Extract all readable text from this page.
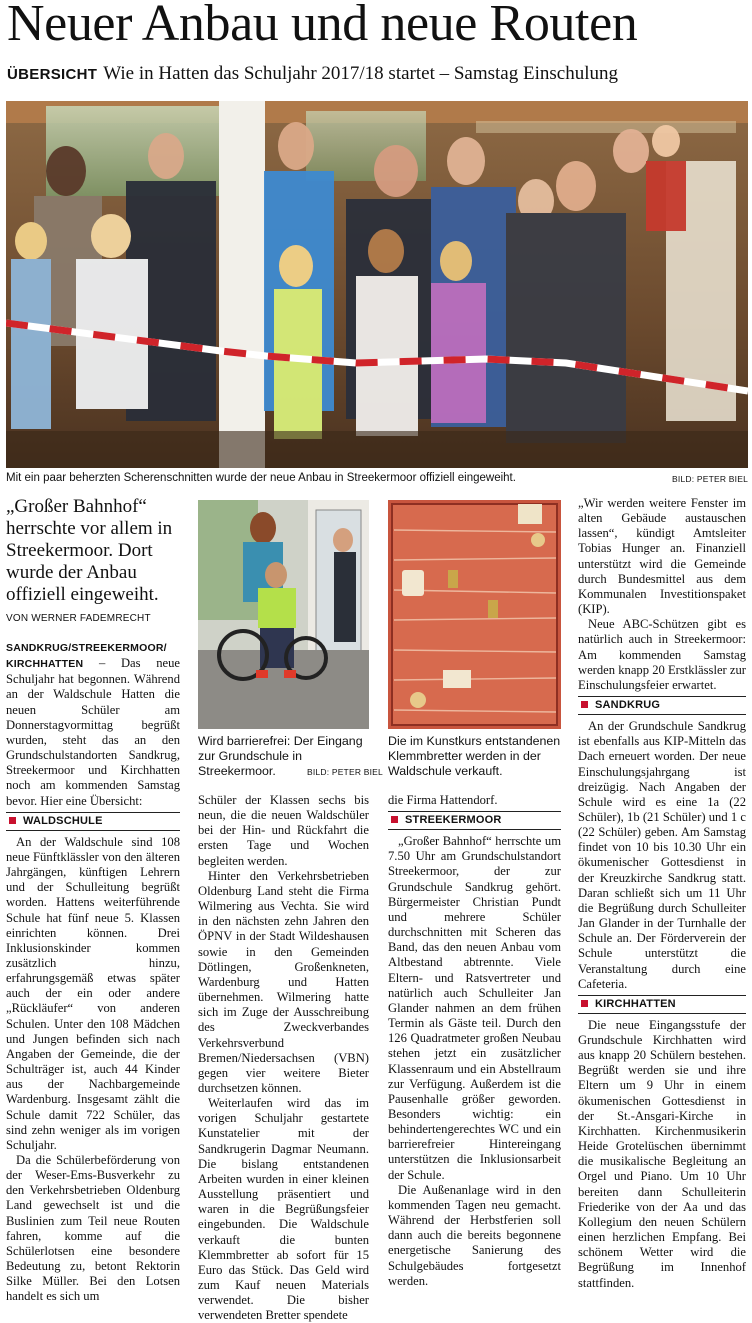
Neuer Anbau und neue Routen
ÜBERSICHT Wie in Hatten das Schuljahr 2017/18 startet – Samstag Einschulung
Mit ein paar beherzten Scherenschnitten wurde der neue Anbau in Streekermoor offiziell eingeweiht.	BILD: PETER BIEL
„Großer Bahnhof“ herrschte vor allem in Streekermoor. Dort wurde der Anbau offiziell eingeweiht.
VON WERNER FADEMRECHT

SANDKRUG/STREEKERMOOR/ KIRCHHATTEN – Das neue Schuljahr hat begonnen. Während an der Waldschule Hatten die neuen Schüler am Donnerstagvormittag begrüßt wurden, steht das an den Grundschulstandorten Sandkrug, Streekermoor und Kirchhatten noch am kommenden Samstag bevor. Hier eine Übersicht:

WALDSCHULE

An der Waldschule sind 108 neue Fünftklässler von den älteren Jahrgängen, künftigen Lehrern und der Schulleitung begrüßt worden. Hattens weiterführende Schule hat fünf neue 5. Klassen einrichten können. Drei Inklusionskinder kommen zusätzlich hinzu, erfahrungsgemäß etwas später auch der ein oder andere „Rückläufer“ von anderen Schulen. Unter den 108 Mädchen und Jungen befinden sich nach Angaben der Gemeinde, die der Schulträger ist, auch 44 Kinder aus der Nachbargemeinde Wardenburg. Insgesamt zählt die Schule damit 722 Schüler, das sind zehn weniger als im vorigen Schuljahr.

Da die Schülerbeförderung von der Weser-Ems-Busverkehr zu den Verkehrsbetrieben Oldenburg Land gewechselt ist und die Buslinien zum Teil neue Routen fahren, komme auf die Schülerlotsen eine besondere Bedeutung zu, betont Rektorin Silke Müller. Bei den Lotsen handelt es sich um

Wird barrierefrei: Der Eingang zur Grundschule in Streekermoor.	BILD: PETER BIEL

Schüler der Klassen sechs bis neun, die die neuen Waldschüler bei der Hin- und Rückfahrt die ersten Tage und Wochen begleiten werden.

Hinter den Verkehrsbetrieben Oldenburg Land steht die Firma Wilmering aus Vechta. Sie wird in den nächsten zehn Jahren den ÖPNV in der Stadt Wildeshausen sowie in den Gemeinden Dötlingen, Großenkneten, Wardenburg und Hatten übernehmen. Wilmering hatte sich im Zuge der Ausschreibung des Zweckverbandes Verkehrsverbund Bremen/Niedersachsen (VBN) gegen vier weitere Bieter durchsetzen können.

Weiterlaufen wird das im vorigen Schuljahr gestartete Kunstatelier mit der Sandkrugerin Dagmar Neumann. Die bislang entstandenen Arbeiten wurden in einer kleinen Ausstellung präsentiert und waren in die Begrüßungsfeier eingebunden. Die Waldschule verkauft die bunten Klemmbretter ab sofort für 15 Euro das Stück. Das Geld wird zum Kauf neuen Materials verwendet. Die bisher verwendeten Bretter spendete

Die im Kunstkurs entstandenen Klemmbretter werden in der Waldschule verkauft.

die Firma Hattendorf.

STREEKERMOOR

„Großer Bahnhof“ herrschte um 7.50 Uhr am Grundschulstandort Streekermoor, der zur Grundschule Sandkrug gehört. Bürgermeister Christian Pundt und mehrere Schüler durchschnitten mit Scheren das Band, das den neuen Anbau vom Altbestand abtrennte. Viele Eltern- und Ratsvertreter und natürlich auch Schulleiter Jan Glander nahmen an dem frühen Termin als Gäste teil. Durch den 126 Quadratmeter großen Neubau stehen jetzt ein zusätzlicher Klassenraum und ein Abstellraum zur Verfügung. Außerdem ist die Pausenhalle größer geworden. Besonders wichtig: ein behindertengerechtes WC und ein barrierefreier Hintereingang unterstützen die Inklusionsarbeit der Schule.

Die Außenanlage wird in den kommenden Tagen neu gemacht. Während der Herbstferien soll dann auch die bereits begonnene energetische Sanierung des Schulgebäudes fortgesetzt werden.

„Wir werden weitere Fenster im alten Gebäude austauschen lassen“, kündigt Amtsleiter Tobias Hunger an. Finanziell unterstützt wird die Gemeinde durch Bundesmittel aus dem Kommunalen Investitionspaket (KIP).

Neue ABC-Schützen gibt es natürlich auch in Streekermoor: Am kommenden Samstag werden knapp 20 Erstklässler zur Einschulungsfeier erwartet.

SANDKRUG

An der Grundschule Sandkrug ist ebenfalls aus KIP-Mitteln das Dach erneuert worden. Der neue Einschulungsjahrgang ist dreizügig. Nach Angaben der Schule wird es eine 1a (22 Schüler), 1b (21 Schüler) und 1 c (22 Schüler) geben. Am Samstag findet von 10 bis 10.30 Uhr ein ökumenischer Gottesdienst in der Kreuzkirche Sandkrug statt. Daran schließt sich um 11 Uhr die Begrüßung durch Schulleiter Jan Glander in der Turnhalle der Schule an. Der Förderverein der Schule unterstützt die Veranstaltung durch eine Cafeteria.

KIRCHHATTEN

Die neue Eingangsstufe der Grundschule Kirchhatten wird aus knapp 20 Schülern bestehen. Begrüßt werden sie und ihre Eltern um 9 Uhr in einem ökumenischen Gottesdienst in der St.-Ansgari-Kirche in Kirchhatten. Kirchenmusikerin Heide Grotelüschen übernimmt die musikalische Begleitung an Orgel und Piano. Um 10 Uhr bereiten dann Schulleiterin Friederike von der Aa und das Kollegium den neuen Schülern einen herzlichen Empfang. Bei schönem Wetter wird die Begrüßung im Innenhof stattfinden.
